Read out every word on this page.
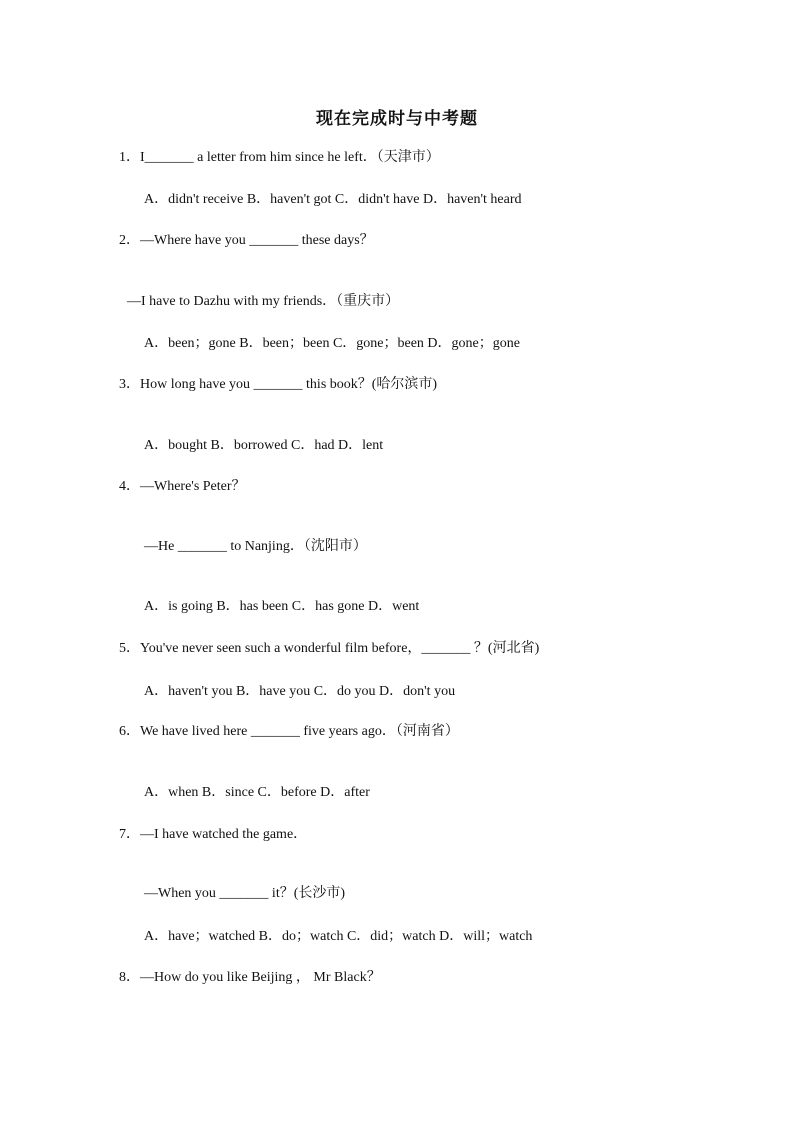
现在完成时与中考题
1．I_______ a letter from him since he left．（天津市）
A．didn't receive B．haven't got C．didn't have D．haven't heard
2．—Where have you _______ these days？
—I have to Dazhu with my friends．（重庆市）
A．been；gone B．been；been C．gone；been D．gone；gone
3．How long have you _______ this book？(哈尔滨市)
A．bought B．borrowed C．had D．lent
4．—Where's Peter？
—He _______ to Nanjing．（沈阳市）
A．is going B．has been C．has gone D．went
5．You've never seen such a wonderful film before，_______ ？(河北省)
A．haven't you B．have you C．do you D．don't you
6．We have lived here _______ five years ago．（河南省）
A．when B．since C．before D．after
7．—I have watched the game．
—When you _______ it？(长沙市)
A．have；watched B．do；watch C．did；watch D．will；watch
8．—How do you like Beijing ， Mr Black？
